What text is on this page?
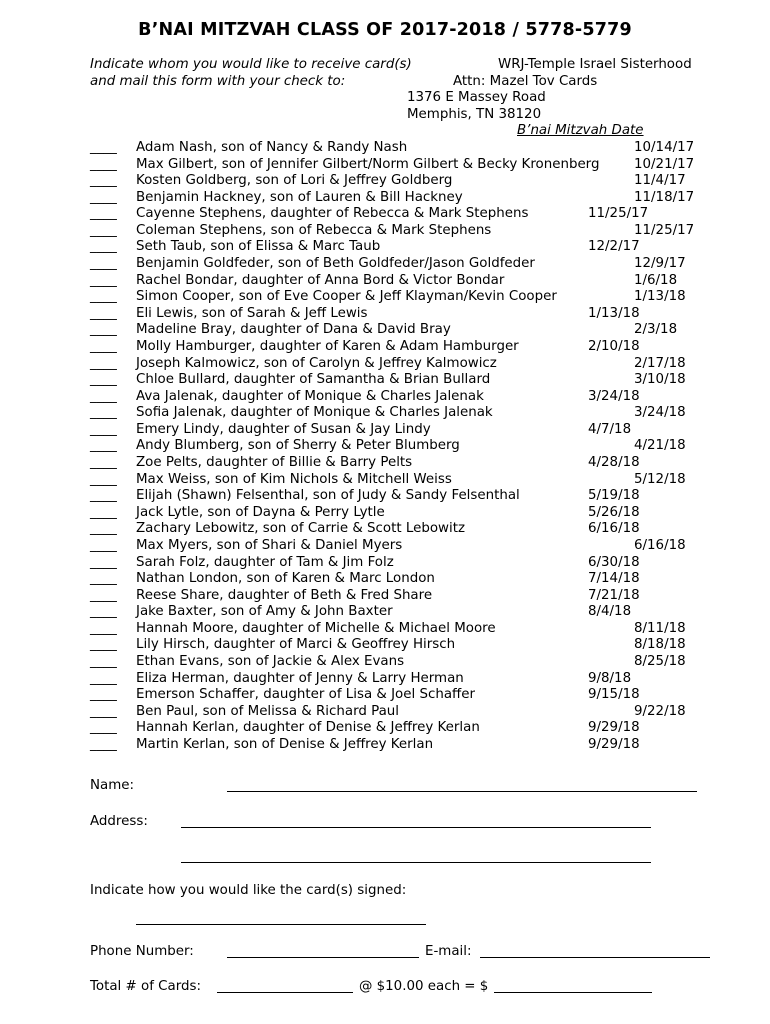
B’NAI MITZVAH CLASS OF 2017-2018 / 5778-5779
Indicate whom you would like to receive card(s)
and mail this form with your check to:
WRJ-Temple Israel Sisterhood
Attn: Mazel Tov Cards
1376 E Massey Road
Memphis, TN 38120
B’nai Mitzvah Date
____ Adam Nash, son of Nancy & Randy Nash	10/14/17
____ Max Gilbert, son of Jennifer Gilbert/Norm Gilbert & Becky Kronenberg	10/21/17
____ Kosten Goldberg, son of Lori & Jeffrey Goldberg	11/4/17
____ Benjamin Hackney, son of Lauren & Bill Hackney	11/18/17
____ Cayenne Stephens, daughter of Rebecca & Mark Stephens	11/25/17
____ Coleman Stephens, son of Rebecca & Mark Stephens	11/25/17
____ Seth Taub, son of Elissa & Marc Taub	12/2/17
____ Benjamin Goldfeder, son of Beth Goldfeder/Jason Goldfeder	12/9/17
____ Rachel Bondar, daughter of Anna Bord & Victor Bondar	1/6/18
____ Simon Cooper, son of Eve Cooper & Jeff Klayman/Kevin Cooper	1/13/18
____ Eli Lewis, son of Sarah & Jeff Lewis	1/13/18
____ Madeline Bray, daughter of Dana & David Bray	2/3/18
____ Molly Hamburger, daughter of Karen & Adam Hamburger	2/10/18
____ Joseph Kalmowicz, son of Carolyn & Jeffrey Kalmowicz	2/17/18
____ Chloe Bullard, daughter of Samantha & Brian Bullard	3/10/18
____ Ava Jalenak, daughter of Monique & Charles Jalenak	3/24/18
____ Sofia Jalenak, daughter of Monique & Charles Jalenak	3/24/18
____ Emery Lindy, daughter of Susan & Jay Lindy	4/7/18
____ Andy Blumberg, son of Sherry & Peter Blumberg	4/21/18
____ Zoe Pelts, daughter of Billie & Barry Pelts	4/28/18
____ Max Weiss, son of Kim Nichols & Mitchell Weiss	5/12/18
____ Elijah (Shawn) Felsenthal, son of Judy & Sandy Felsenthal	5/19/18
____ Jack Lytle, son of Dayna & Perry Lytle	5/26/18
____ Zachary Lebowitz, son of Carrie & Scott Lebowitz	6/16/18
____ Max Myers, son of Shari & Daniel Myers	6/16/18
____ Sarah Folz, daughter of Tam & Jim Folz	6/30/18
____ Nathan London, son of Karen & Marc London	7/14/18
____ Reese Share, daughter of Beth & Fred Share	7/21/18
____ Jake Baxter, son of Amy & John Baxter	8/4/18
____ Hannah Moore, daughter of Michelle & Michael Moore	8/11/18
____ Lily Hirsch, daughter of Marci & Geoffrey Hirsch	8/18/18
____ Ethan Evans, son of Jackie & Alex Evans	8/25/18
____ Eliza Herman, daughter of Jenny & Larry Herman	9/8/18
____ Emerson Schaffer, daughter of Lisa & Joel Schaffer	9/15/18
____ Ben Paul, son of Melissa & Richard Paul	9/22/18
____ Hannah Kerlan, daughter of Denise & Jeffrey Kerlan	9/29/18
____ Martin Kerlan, son of Denise & Jeffrey Kerlan	9/29/18
Name:
Address:
Indicate how you would like the card(s) signed:
Phone Number:	E-mail:
Total # of Cards:	@ $10.00 each = $
